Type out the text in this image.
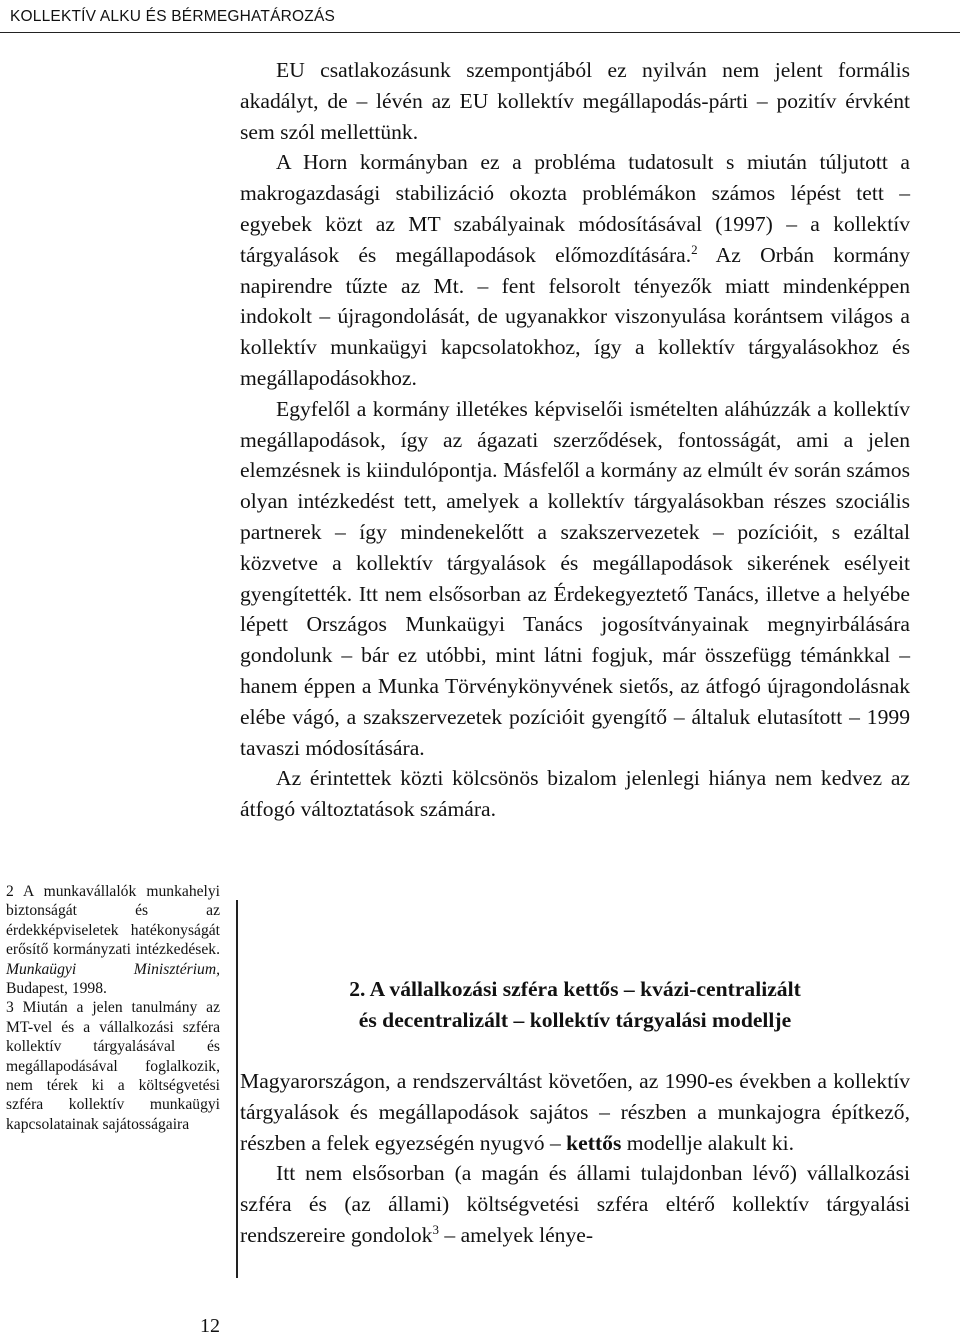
KOLLEKTÍV ALKU ÉS BÉRMEGHATÁROZÁS

EU csatlakozásunk szempontjából ez nyilván nem jelent formális akadályt, de – lévén az EU kollektív megállapodás-párti – pozitív érvként sem szól mellettünk.

A Horn kormányban ez a probléma tudatosult s miután túljutott a makrogazdasági stabilizáció okozta problémákon számos lépést tett – egyebek közt az MT szabályainak módosításával (1997) – a kollektív tárgyalások és megállapodások előmozdítására.$^2$ Az Orbán kormány napirendre tűzte az Mt. – fent felsorolt tényezők miatt mindenképpen indokolt – újragondolását, de ugyanakkor viszonyulása korántsem világos a kollektív munkaügyi kapcsolatokhoz, így a kollektív tárgyalásokhoz és megállapodásokhoz.

Egyfelől a kormány illetékes képviselői ismételten aláhúzzák a kollektív megállapodások, így az ágazati szerződések, fontosságát, ami a jelen elemzésnek is kiindulópontja. Másfelől a kormány az elmúlt év során számos olyan intézkedést tett, amelyek a kollektív tárgyalásokban részes szociális partnerek – így mindenekelőtt a szakszervezetek – pozícióit, s ezáltal közvetve a kollektív tárgyalások és megállapodások sikerének esélyeit gyengítették. Itt nem elsősorban az Érdekegyeztető Tanács, illetve a helyébe lépett Országos Munkaügyi Tanács jogosítványainak megnyirbálására gondolunk – bár ez utóbbi, mint látni fogjuk, már összefügg témánkkal – hanem éppen a Munka Törvénykönyvének sietős, az átfogó újragondolásnak elébe vágó, a szakszervezetek pozícióit gyengítő – általuk elutasított – 1999 tavaszi módosítására.

Az érintettek közti kölcsönös bizalom jelenlegi hiánya nem kedvez az átfogó változtatások számára.

2. A vállalkozási szféra kettős – kvázi-centralizált
és decentralizált – kollektív tárgyalási modellje

Magyarországon, a rendszerváltást követően, az 1990-es években a kollektív tárgyalások és megállapodások sajátos – részben a munkajogra építkező, részben a felek egyezségén nyugvó – kettős modellje alakult ki.

Itt nem elsősorban (a magán és állami tulajdonban lévő) vállalkozási szféra és (az állami) költségvetési szféra eltérő kollektív tárgyalási rendszereire gondolok$^3$ – amelyek lénye-

2 A munkavállalók munkahelyi biztonságát és az érdekképviseletek hatékonyságát erősítő kormányzati intézkedések. Munkaügyi Minisztérium, Budapest, 1998.

3 Miután a jelen tanulmány az MT-vel és a vállalkozási szféra kollektív tárgyalásával és megállapodásával foglalkozik, nem térek ki a költségvetési szféra kollektív munkaügyi kapcsolatainak sajátosságaira

12
